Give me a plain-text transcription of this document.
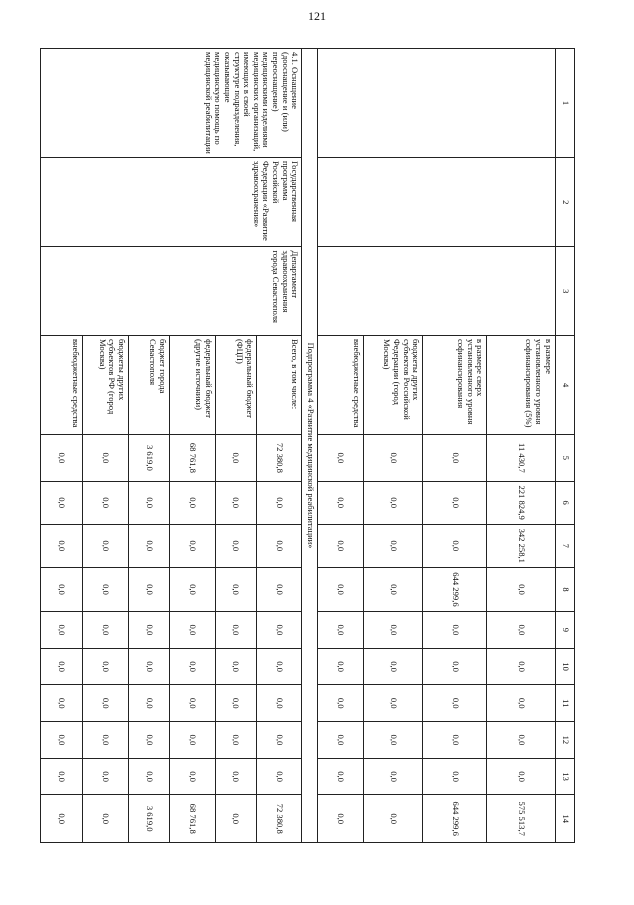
121
1	2	3	4	5	6	7	8	9	10	11	12	13	14
			в размере установленного уровня софинансирования (5%)	11 430,7	221 824,9	342 258,1	0,0	0,0	0,0	0,0	0,0	0,0	575 513,7
			в размере сверх установленного уровня софинансирования	0,0	0,0	0,0	644 299,6	0,0	0,0	0,0	0,0	0,0	644 299,6
			бюджеты других субъектов Российской Федерации (город Москва)	0,0	0,0	0,0	0,0	0,0	0,0	0,0	0,0	0,0	0,0
			внебюджетные средства	0,0	0,0	0,0	0,0	0,0	0,0	0,0	0,0	0,0	0,0
Подпрограмма 4 «Развитие медицинской реабилитации»													
4.1. Оснащение (дооснащение и (или) переоснащение) медицинскими изделиями медицинских организаций, имеющих в своей структуре подразделения, оказывающие медицинскую помощь по медицинской реабилитации	Государственная программа Российской Федерации «Развитие здравоохранения»	Департамент здравоохранения города Севастополя	Всего, в том числе:	72 380,8	0,0	0,0	0,0	0,0	0,0	0,0	0,0	0,0	72 380,8
			федеральный бюджет (ФЦП)	0,0	0,0	0,0	0,0	0,0	0,0	0,0	0,0	0,0	0,0
			федеральный бюджет (другие источники)	68 761,8	0,0	0,0	0,0	0,0	0,0	0,0	0,0	0,0	68 761,8
			бюджет города Севастополя	3 619,0	0,0	0,0	0,0	0,0	0,0	0,0	0,0	0,0	3 619,0
			бюджеты других субъектов РФ (город Москва)	0,0	0,0	0,0	0,0	0,0	0,0	0,0	0,0	0,0	0,0
			внебюджетные средства	0,0	0,0	0,0	0,0	0,0	0,0	0,0	0,0	0,0	0,0
